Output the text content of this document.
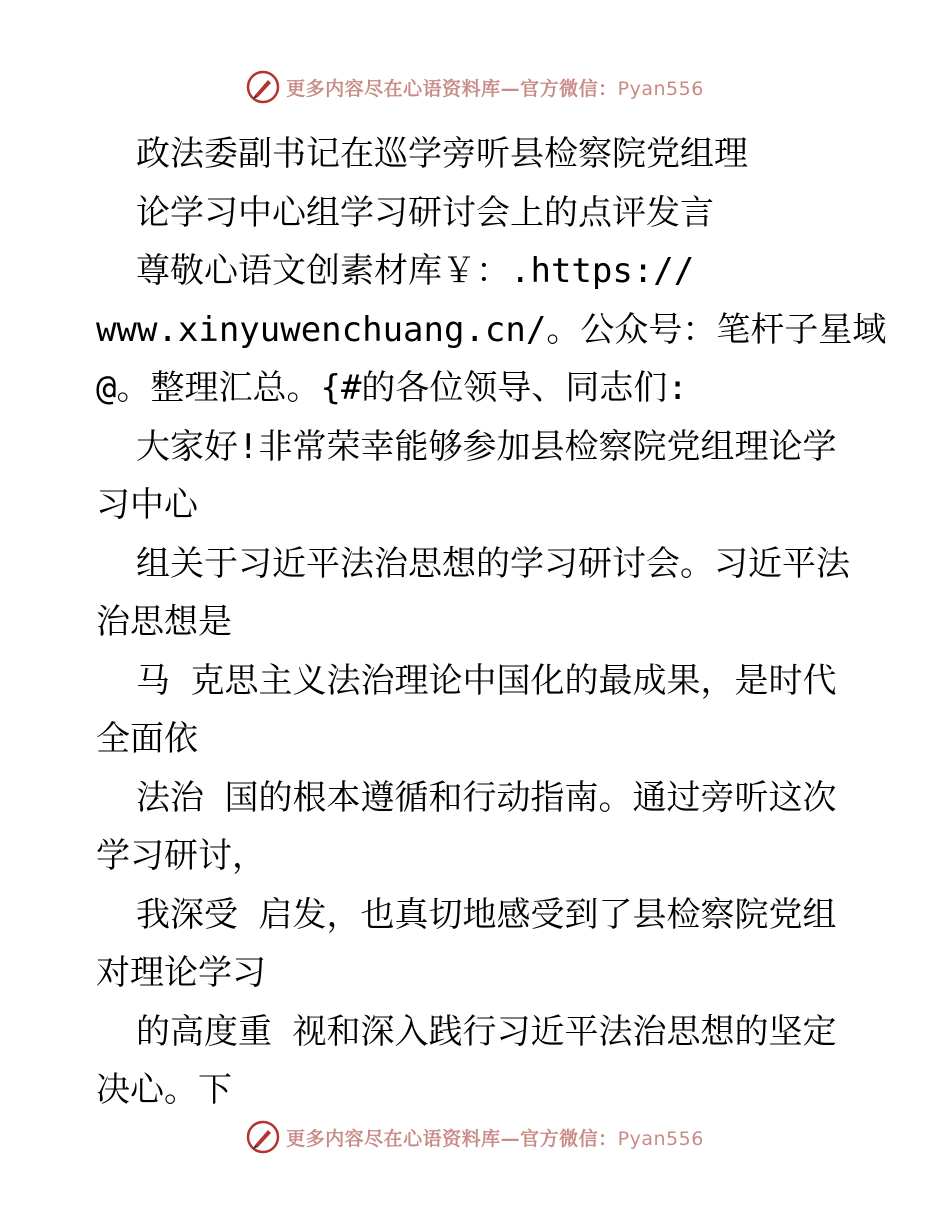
更多内容尽在心语资料库—官方微信：Pyan556
政法委副书记在巡学旁听县检察院党组理
论学习中心组学习研讨会上的点评发言
尊敬心语文创素材库￥：.https://
www.xinyuwenchuang.cn/。公众号：笔杆子星域
@。整理汇总。{#的各位领导、同志们:
大家好!非常荣幸能够参加县检察院党组理论学
习中心
组关于习近平法治思想的学习研讨会。习近平法
治思想是
马 克思主义法治理论中国化的最成果，是时代
全面依
法治 国的根本遵循和行动指南。通过旁听这次
学习研讨，
我深受 启发，也真切地感受到了县检察院党组
对理论学习
的高度重 视和深入践行习近平法治思想的坚定
决心。下
更多内容尽在心语资料库—官方微信：Pyan556
